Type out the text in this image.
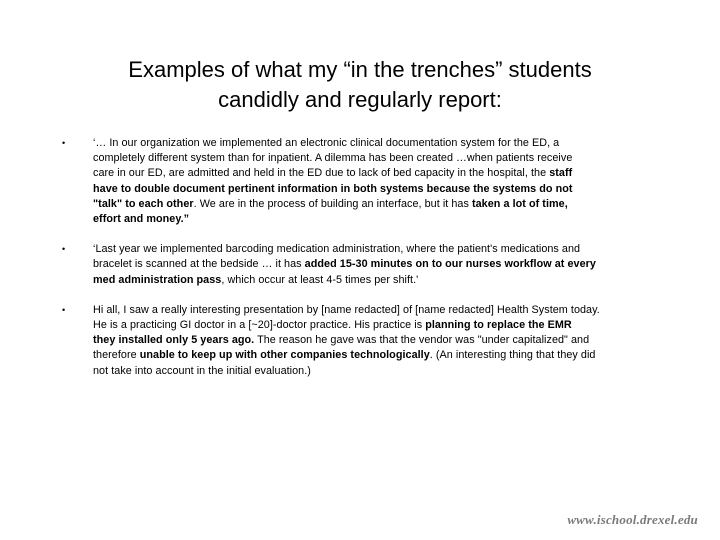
Examples of what my “in the trenches” students
candidly and regularly report:
•	‘… In our organization we implemented an electronic clinical documentation system for the ED, a
completely different system than for inpatient. A dilemma has been created …when patients receive
care in our ED, are admitted and held in the ED due to lack of bed capacity in the hospital, the staff
have to double document pertinent information in both systems because the systems do not
"talk" to each other. We are in the process of building an interface, but it has taken a lot of time,
effort and money.”
•	‘Last year we implemented barcoding medication administration, where the patient's medications and
bracelet is scanned at the bedside … it has added 15-30 minutes on to our nurses workflow at every
med administration pass, which occur at least 4-5 times per shift.'
•	Hi all, I saw a really interesting presentation by [name redacted] of [name redacted] Health System today.
He is a practicing GI doctor in a [~20]-doctor practice. His practice is planning to replace the EMR
they installed only 5 years ago. The reason he gave was that the vendor was "under capitalized" and
therefore unable to keep up with other companies technologically. (An interesting thing that they did
not take into account in the initial evaluation.)
www.ischool.drexel.edu
